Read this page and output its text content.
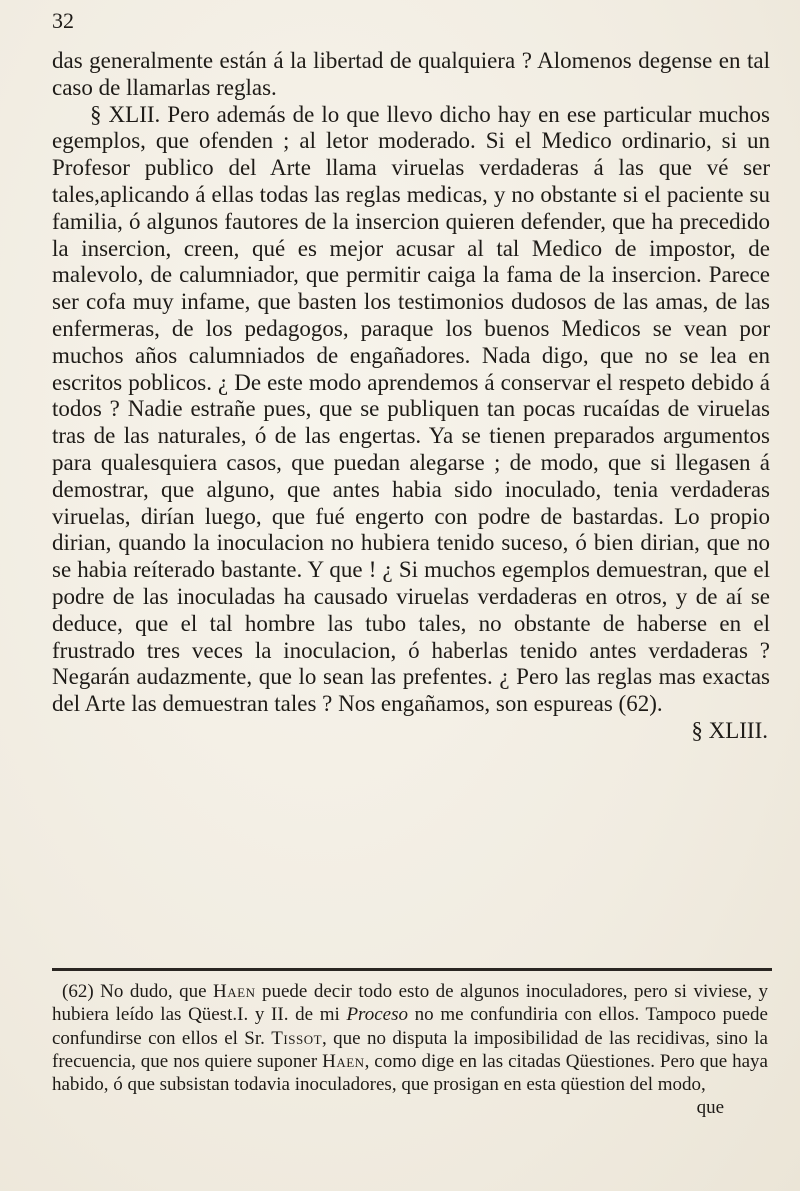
32

das generalmente están á la libertad de qualquiera ? Alomenos degense en tal caso de llamarlas reglas.

§ XLII. Pero además de lo que llevo dicho hay en ese particular muchos egemplos, que ofenden ; al letor moderado. Si el Medico ordinario, si un Profesor publico del Arte llama viruelas verdaderas á las que vé ser tales,aplicando á ellas todas las reglas medicas, y no obstante si el paciente su familia, ó algunos fautores de la insercion quieren defender, que ha precedido la insercion, creen, qué es mejor acusar al tal Medico de impostor, de malevolo, de calumniador, que permitir caiga la fama de la insercion. Parece ser cofa muy infame, que basten los testimonios dudosos de las amas, de las enfermeras, de los pedagogos, paraque los buenos Medicos se vean por muchos años calumniados de engañadores. Nada digo, que no se lea en escritos poblicos. ¿ De este modo aprendemos á conservar el respeto debido á todos ? Nadie estrañe pues, que se publiquen tan pocas rucaídas de viruelas tras de las naturales, ó de las engertas. Ya se tienen preparados argumentos para qualesquiera casos, que puedan alegarse ; de modo, que si llegasen á demostrar, que alguno, que antes habia sido inoculado, tenia verdaderas viruelas, dirían luego, que fué engerto con podre de bastardas. Lo propio dirian, quando la inoculacion no hubiera tenido suceso, ó bien dirian, que no se habia reíterado bastante. Y que ! ¿ Si muchos egemplos demuestran, que el podre de las inoculadas ha causado viruelas verdaderas en otros, y de aí se deduce, que el tal hombre las tubo tales, no obstante de haberse en el frustrado tres veces la inoculacion, ó haberlas tenido antes verdaderas ? Negarán audazmente, que lo sean las prefentes. ¿ Pero las reglas mas exactas del Arte las demuestran tales ? Nos engañamos, son espureas (62).

§ XLIII.

(62) No dudo, que Haen puede decir todo esto de algunos inoculadores, pero si viviese, y hubiera leído las Qüest.I. y II. de mi Proceso no me confundiria con ellos. Tampoco puede confundirse con ellos el Sr. Tissot, que no disputa la imposibilidad de las recidivas, sino la frecuencia, que nos quiere suponer Haen, como dige en las citadas Qüestiones. Pero que haya habido, ó que subsistan todavia inoculadores, que prosigan en esta qüestion del modo,

que
